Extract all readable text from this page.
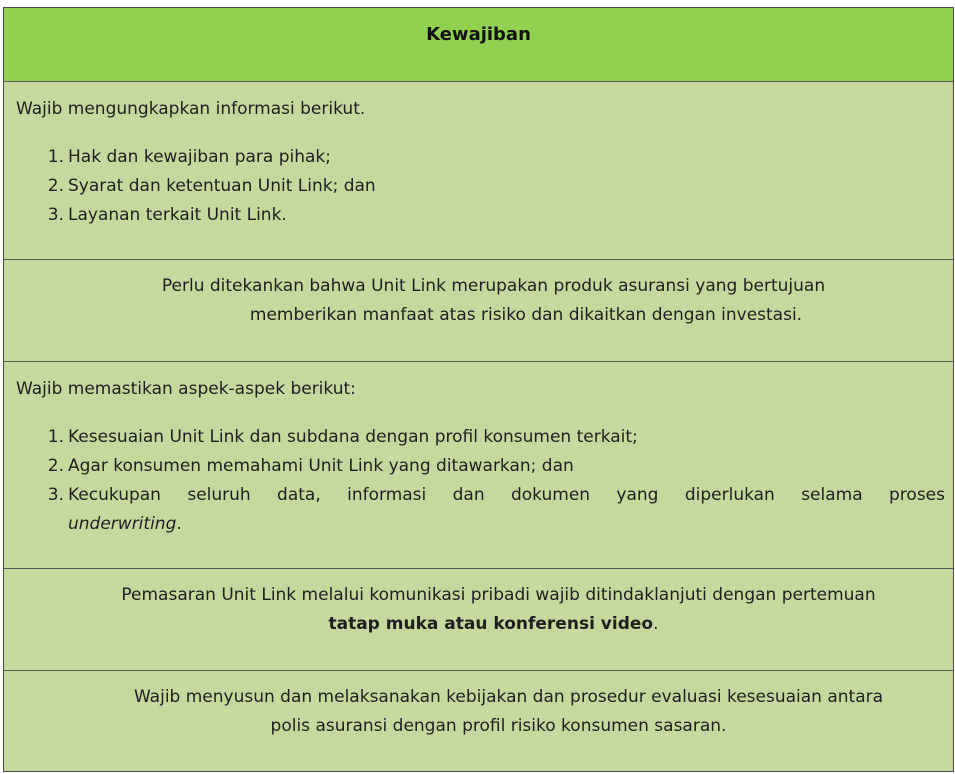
Kewajiban
Wajib mengungkapkan informasi berikut.
1. Hak dan kewajiban para pihak;
2. Syarat dan ketentuan Unit Link; dan
3. Layanan terkait Unit Link.
Perlu ditekankan bahwa Unit Link merupakan produk asuransi yang bertujuan
memberikan manfaat atas risiko dan dikaitkan dengan investasi.
Wajib memastikan aspek-aspek berikut:
1. Kesesuaian Unit Link dan subdana dengan profil konsumen terkait;
2. Agar konsumen memahami Unit Link yang ditawarkan; dan
3. Kecukupan seluruh data, informasi dan dokumen yang diperlukan selama proses
underwriting.
Pemasaran Unit Link melalui komunikasi pribadi wajib ditindaklanjuti dengan pertemuan
tatap muka atau konferensi video.
Wajib menyusun dan melaksanakan kebijakan dan prosedur evaluasi kesesuaian antara
polis asuransi dengan profil risiko konsumen sasaran.
